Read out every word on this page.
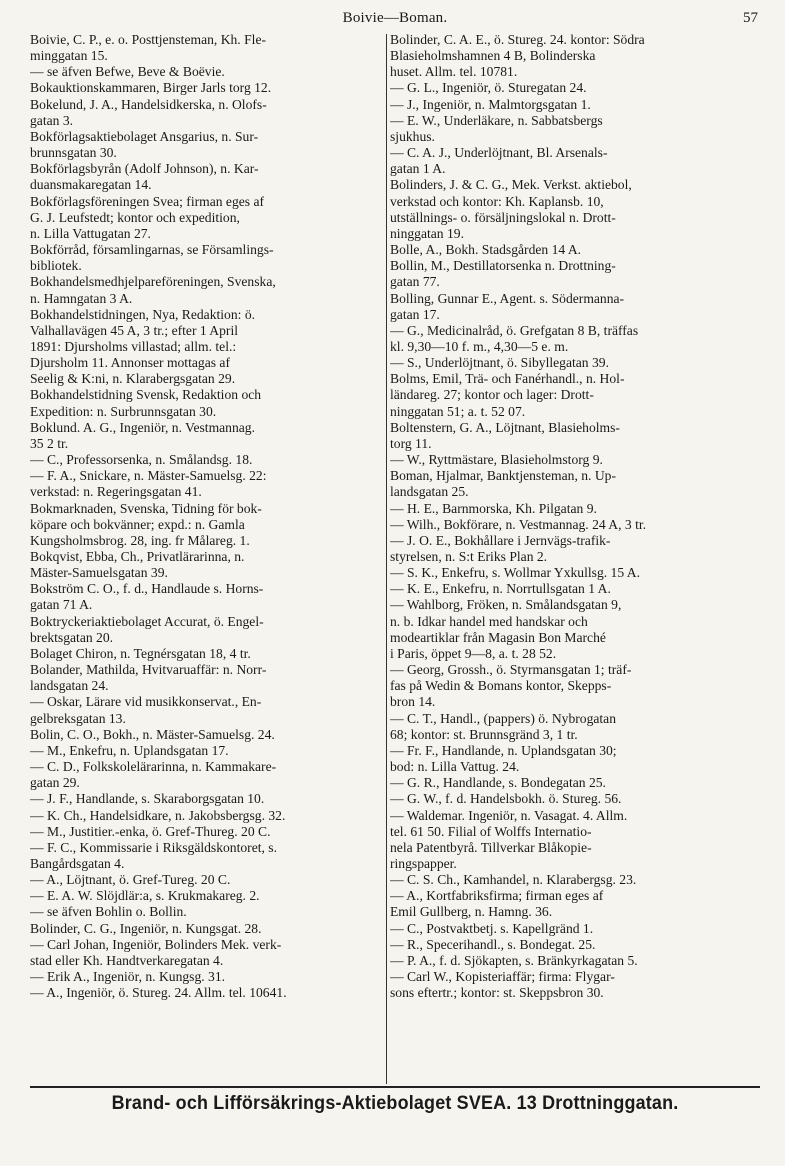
Boivie—Boman.	57
Boivie, C. P., e. o. Posttjensteman, Kh. Fle-
minggatan 15.
— se äfven Befwe, Beve & Boëvie.
Bokauktionskammaren, Birger Jarls torg 12.
Bokelund, J. A., Handelsidkerska, n. Olofs-
gatan 3.
Bokförlagsaktiebolaget Ansgarius, n. Sur-
brunnsgatan 30.
Bokförlagsbyrån (Adolf Johnson), n. Kar-
duansmakaregatan 14.
Bokförlagsföreningen Svea; firman eges af
G. J. Leufstedt; kontor och expedition,
n. Lilla Vattugatan 27.
Bokförråd, församlingarnas, se Församlings-
bibliotek.
Bokhandelsmedhjelpareföreningen, Svenska,
n. Hamngatan 3 A.
Bokhandelstidningen, Nya, Redaktion: ö.
Valhallavägen 45 A, 3 tr.; efter 1 April
1891: Djursholms villastad; allm. tel.:
Djursholm 11. Annonser mottagas af
Seelig & K:ni, n. Klarabergsgatan 29.
Bokhandelstidning Svensk, Redaktion och
Expedition: n. Surbrunnsgatan 30.
Boklund. A. G., Ingeniör, n. Vestmannag.
35 2 tr.
— C., Professorsenka, n. Smålandsg. 18.
— F. A., Snickare, n. Mäster-Samuelsg. 22:
verkstad: n. Regeringsgatan 41.
Bokmarknaden, Svenska, Tidning för bok-
köpare och bokvänner; expd.: n. Gamla
Kungsholmsbrog. 28, ing. fr Målareg. 1.
Bokqvist, Ebba, Ch., Privatlärarinna, n.
Mäster-Samuelsgatan 39.
Bokström C. O., f. d., Handlaude s. Horns-
gatan 71 A.
Boktryckeriaktiebolaget Accurat, ö. Engel-
brektsgatan 20.
Bolaget Chiron, n. Tegnérsgatan 18, 4 tr.
Bolander, Mathilda, Hvitvaruaffär: n. Norr-
landsgatan 24.
— Oskar, Lärare vid musikkonservat., En-
gelbreksgatan 13.
Bolin, C. O., Bokh., n. Mäster-Samuelsg. 24.
— M., Enkefru, n. Uplandsgatan 17.
— C. D., Folkskolelärarinna, n. Kammakare-
gatan 29.
— J. F., Handlande, s. Skaraborgsgatan 10.
— K. Ch., Handelsidkare, n. Jakobsbergsg. 32.
— M., Justitier.-enka, ö. Gref-Thureg. 20 C.
— F. C., Kommissarie i Riksgäldskontoret, s.
Bangårdsgatan 4.
— A., Löjtnant, ö. Gref-Tureg. 20 C.
— E. A. W. Slöjdlär:a, s. Krukmakareg. 2.
— se äfven Bohlin o. Bollin.
Bolinder, C. G., Ingeniör, n. Kungsgat. 28.
— Carl Johan, Ingeniör, Bolinders Mek. verk-
stad eller Kh. Handtverkaregatan 4.
— Erik A., Ingeniör, n. Kungsg. 31.
— A., Ingeniör, ö. Stureg. 24. Allm. tel. 10641.
Bolinder, C. A. E., ö. Stureg. 24. kontor: Södra
Blasieholmshamnen 4 B, Bolinderska
huset. Allm. tel. 10781.
— G. L., Ingeniör, ö. Sturegatan 24.
— J., Ingeniör, n. Malmtorgsgatan 1.
— E. W., Underläkare, n. Sabbatsbergs
sjukhus.
— C. A. J., Underlöjtnant, Bl. Arsenals-
gatan 1 A.
Bolinders, J. & C. G., Mek. Verkst. aktiebol,
verkstad och kontor: Kh. Kaplansb. 10,
utställnings- o. försäljningslokal n. Drott-
ninggatan 19.
Bolle, A., Bokh. Stadsgården 14 A.
Bollin, M., Destillatorsenka n. Drottning-
gatan 77.
Bolling, Gunnar E., Agent. s. Södermanna-
gatan 17.
— G., Medicinalråd, ö. Grefgatan 8 B, träffas
kl. 9,30—10 f. m., 4,30—5 e. m.
— S., Underlöjtnant, ö. Sibyllegatan 39.
Bolms, Emil, Trä- och Fanérhandl., n. Hol-
ländareg. 27; kontor och lager: Drott-
ninggatan 51; a. t. 52 07.
Boltenstern, G. A., Löjtnant, Blasieholms-
torg 11.
— W., Ryttmästare, Blasieholmstorg 9.
Boman, Hjalmar, Banktjensteman, n. Up-
landsgatan 25.
— H. E., Barnmorska, Kh. Pilgatan 9.
— Wilh., Bokförare, n. Vestmannag. 24 A, 3 tr.
— J. O. E., Bokhållare i Jernvägs-trafik-
styrelsen, n. S:t Eriks Plan 2.
— S. K., Enkefru, s. Wollmar Yxkullsg. 15 A.
— K. E., Enkefru, n. Norrtullsgatan 1 A.
— Wahlborg, Fröken, n. Smålandsgatan 9,
n. b. Idkar handel med handskar och
modeartiklar från Magasin Bon Marché
i Paris, öppet 9—8, a. t. 28 52.
— Georg, Grossh., ö. Styrmansgatan 1; träf-
fas på Wedin & Bomans kontor, Skepps-
bron 14.
— C. T., Handl., (pappers) ö. Nybrogatan
68; kontor: st. Brunnsgränd 3, 1 tr.
— Fr. F., Handlande, n. Uplandsgatan 30;
bod: n. Lilla Vattug. 24.
— G. R., Handlande, s. Bondegatan 25.
— G. W., f. d. Handelsbokh. ö. Stureg. 56.
— Waldemar. Ingeniör, n. Vasagat. 4. Allm.
tel. 61 50. Filial of Wolffs Internatio-
nela Patentbyrå. Tillverkar Blåkopie-
ringspapper.
— C. S. Ch., Kamhandel, n. Klarabergsg. 23.
— A., Kortfabriksfirma; firman eges af
Emil Gullberg, n. Hamng. 36.
— C., Postvaktbetj. s. Kapellgränd 1.
— R., Specerihandl., s. Bondegat. 25.
— P. A., f. d. Sjökapten, s. Bränkyrkagatan 5.
— Carl W., Kopisteriaffär; firma: Flygar-
sons eftertr.; kontor: st. Skeppsbron 30.
Brand- och Lifförsäkrings-Aktiebolaget SVEA. 13 Drottninggatan.
